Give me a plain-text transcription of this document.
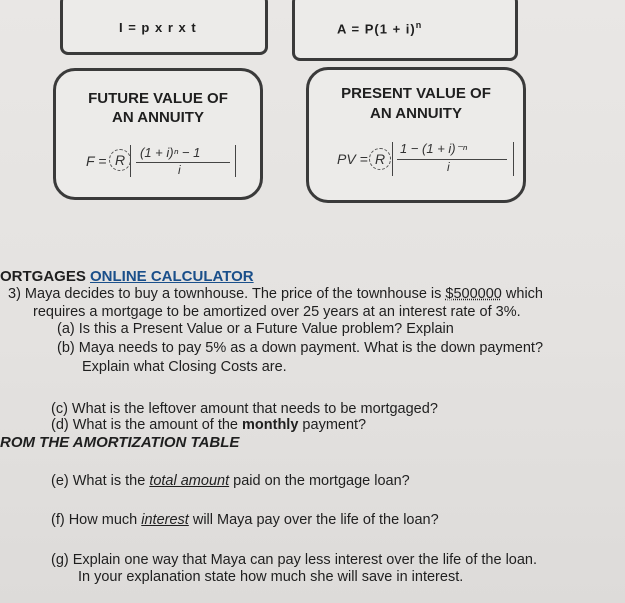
I = p x r x t	$A = P(1 + i)^n$
FUTURE VALUE OF
AN ANNUITY
F = R	(1 + i)ⁿ − 1
i
PRESENT VALUE OF
AN ANNUITY
PV = R
1 − (1 + i)⁻ⁿ
i
ORTGAGES ONLINE CALCULATOR
3) Maya decides to buy a townhouse. The price of the townhouse is $500000 which
requires a mortgage to be amortized over 25 years at an interest rate of 3%.
(a) Is this a Present Value or a Future Value problem? Explain
(b) Maya needs to pay 5% as a down payment. What is the down payment?
Explain what Closing Costs are.
(c) What is the leftover amount that needs to be mortgaged?
(d) What is the amount of the monthly payment?
ROM THE AMORTIZATION TABLE
(e) What is the total amount paid on the mortgage loan?
(f) How much interest will Maya pay over the life of the loan?
(g) Explain one way that Maya can pay less interest over the life of the loan.
In your explanation state how much she will save in interest.
